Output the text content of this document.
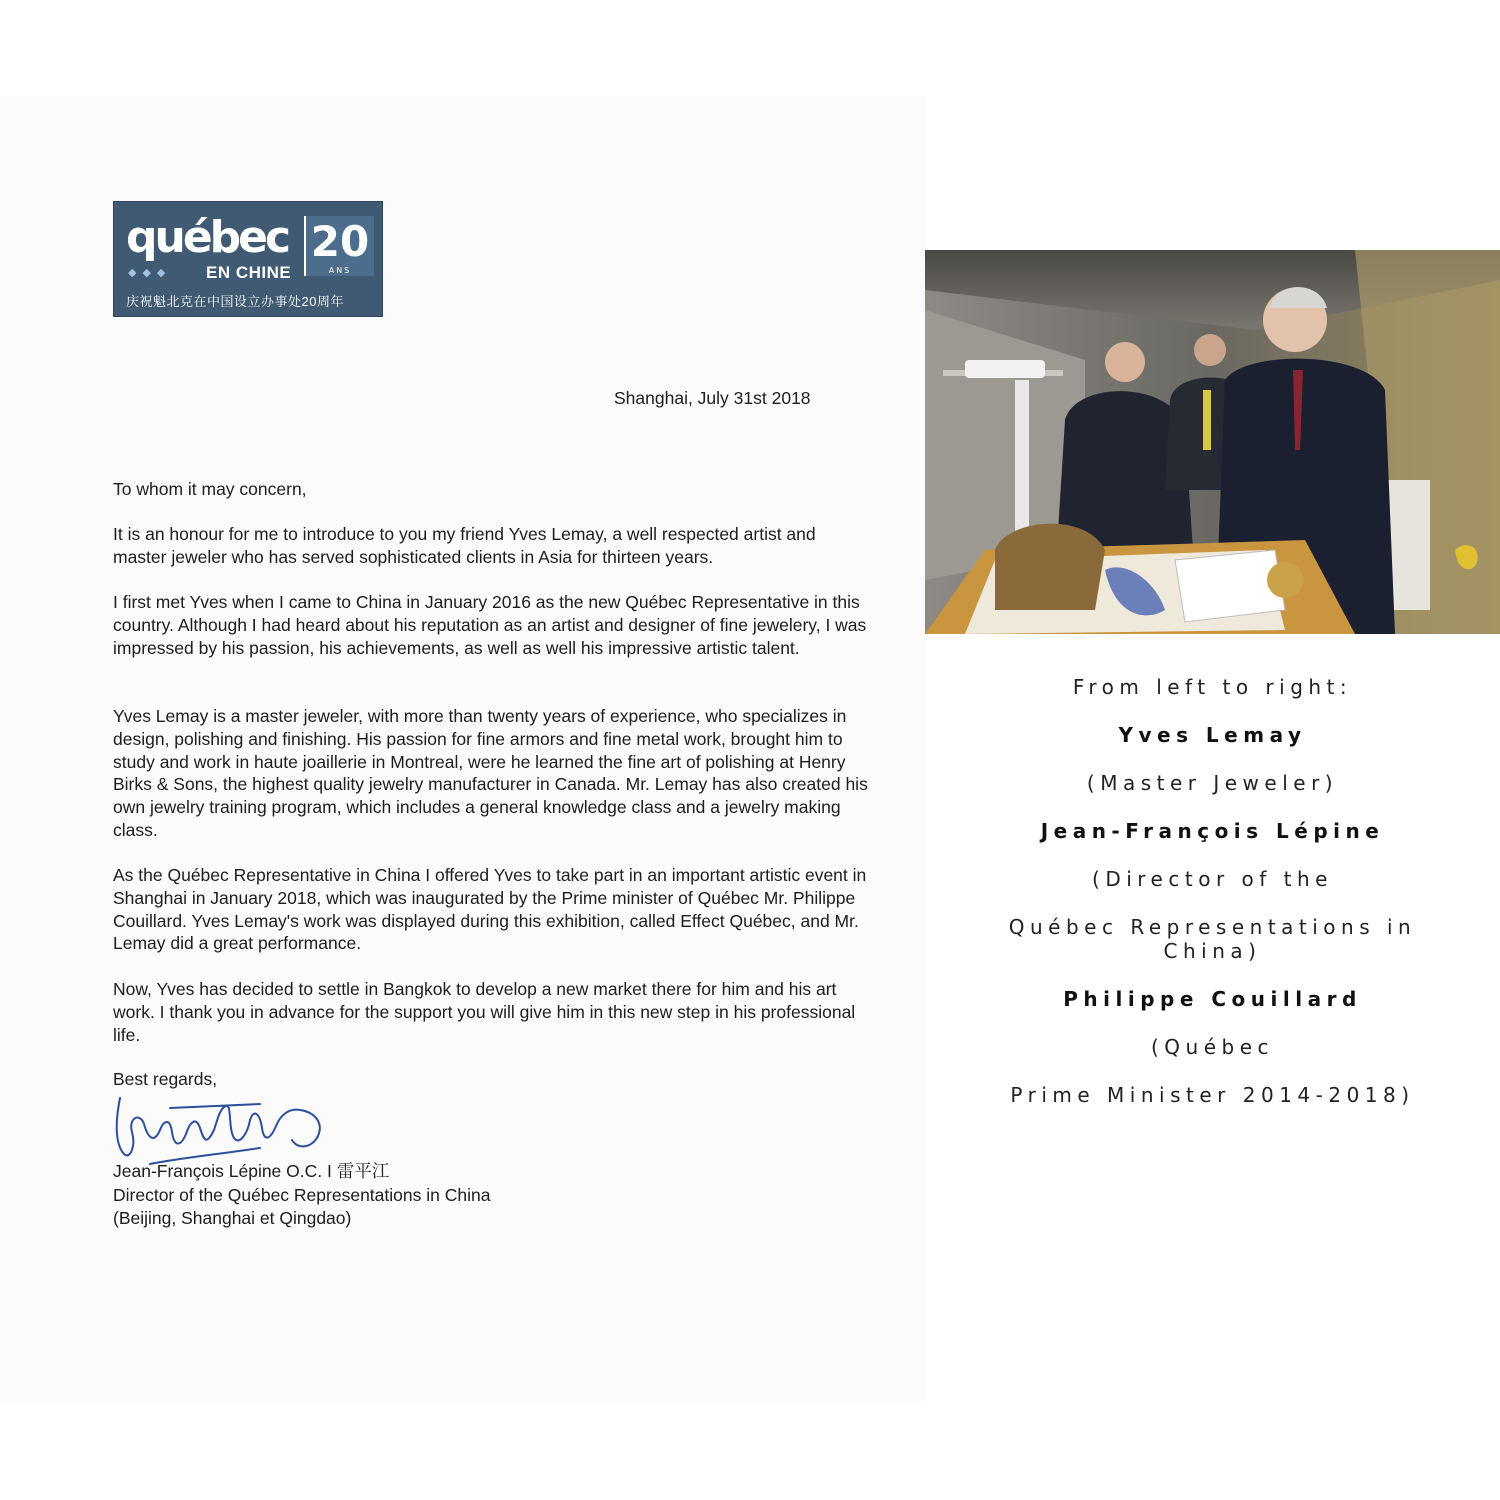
québec 20
ANS
◆◆◆ EN CHINE
庆祝魁北克在中国设立办事处20周年

Shanghai, July 31st 2018

To whom it may concern,

It is an honour for me to introduce to you my friend Yves Lemay, a well respected artist and master jeweler who has served sophisticated clients in Asia for thirteen years.

I first met Yves when I came to China in January 2016 as the new Québec Representative in this country. Although I had heard about his reputation as an artist and designer of fine jewelery, I was impressed by his passion, his achievements, as well as well his impressive artistic talent.

Yves Lemay is a master jeweler, with more than twenty years of experience, who specializes in design, polishing and finishing. His passion for fine armors and fine metal work, brought him to study and work in haute joaillerie in Montreal, were he learned the fine art of polishing at Henry Birks & Sons, the highest quality jewelry manufacturer in Canada. Mr. Lemay has also created his own jewelry training program, which includes a general knowledge class and a jewelry making class.

As the Québec Representative in China I offered Yves to take part in an important artistic event in Shanghai in January 2018, which was inaugurated by the Prime minister of Québec Mr. Philippe Couillard. Yves Lemay's work was displayed during this exhibition, called Effect Québec, and Mr. Lemay did a great performance.

Now, Yves has decided to settle in Bangkok to develop a new market there for him and his art work. I thank you in advance for the support you will give him in this new step in his professional life.

Best regards,

Jean-François Lépine O.C. I 雷平江

Director of the Québec Representations in China

(Beijing, Shanghai et Qingdao)

From left to right:

Yves Lemay

(Master Jeweler)

Jean-François Lépine

(Director of the

Québec Representations in China)

Philippe Couillard

(Québec

Prime Minister 2014-2018)
